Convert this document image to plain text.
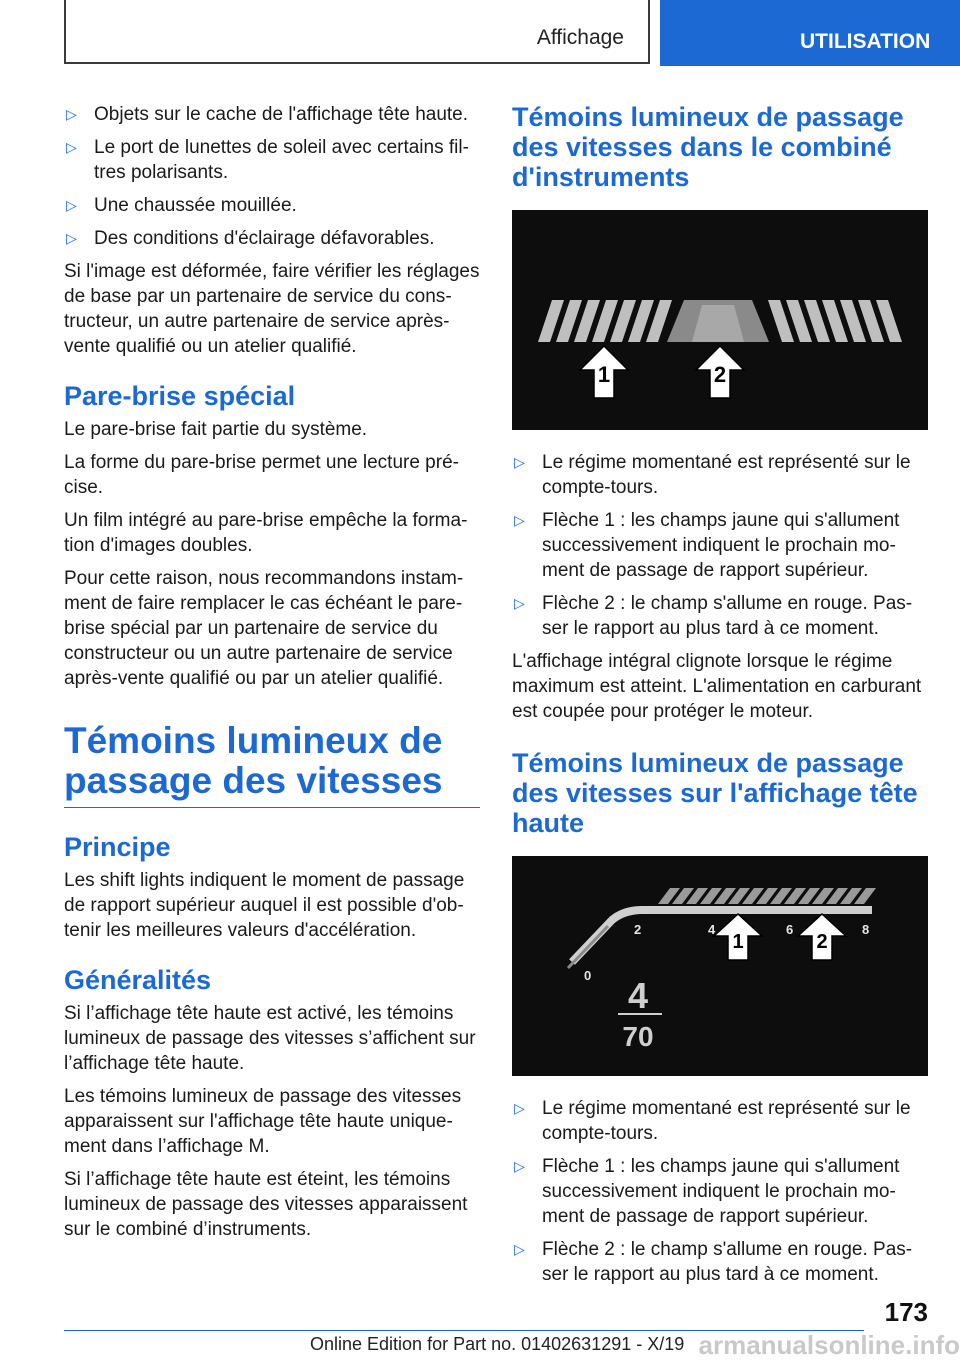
Affichage	UTILISATION
▷ Objets sur le cache de l'affichage tête haute.
▷ Le port de lunettes de soleil avec certains filtres polarisants.
▷ Une chaussée mouillée.
▷ Des conditions d'éclairage défavorables.

Si l'image est déformée, faire vérifier les réglages de base par un partenaire de service du constructeur, un autre partenaire de service après-vente qualifié ou un atelier qualifié.

Pare-brise spécial

Le pare-brise fait partie du système.

La forme du pare-brise permet une lecture précise.

Un film intégré au pare-brise empêche la formation d'images doubles.

Pour cette raison, nous recommandons instamment de faire remplacer le cas échéant le pare-brise spécial par un partenaire de service du constructeur ou un autre partenaire de service après-vente qualifié ou par un atelier qualifié.

Témoins lumineux de passage des vitesses
Principe

Les shift lights indiquent le moment de passage de rapport supérieur auquel il est possible d'obtenir les meilleures valeurs d'accélération.

Généralités

Si l’affichage tête haute est activé, les témoins lumineux de passage des vitesses s’affichent sur l’affichage tête haute.

Les témoins lumineux de passage des vitesses apparaissent sur l'affichage tête haute uniquement dans l’affichage M.

Si l’affichage tête haute est éteint, les témoins lumineux de passage des vitesses apparaissent sur le combiné d’instruments.

Témoins lumineux de passage des vitesses dans le combiné d'instruments
1	2
▷ Le régime momentané est représenté sur le compte-tours.
▷ Flèche 1 : les champs jaune qui s'allument successivement indiquent le prochain moment de passage de rapport supérieur.
▷ Flèche 2 : le champ s'allume en rouge. Passer le rapport au plus tard à ce moment.

L'affichage intégral clignote lorsque le régime maximum est atteint. L'alimentation en carburant est coupée pour protéger le moteur.

Témoins lumineux de passage des vitesses sur l'affichage tête haute
0
2	4	6	8
1	2
4
70
▷ Le régime momentané est représenté sur le compte-tours.
▷ Flèche 1 : les champs jaune qui s'allument successivement indiquent le prochain moment de passage de rapport supérieur.
▷ Flèche 2 : le champ s'allume en rouge. Passer le rapport au plus tard à ce moment.
173
Online Edition for Part no. 01402631291 - X/19 armanualsonline.info
